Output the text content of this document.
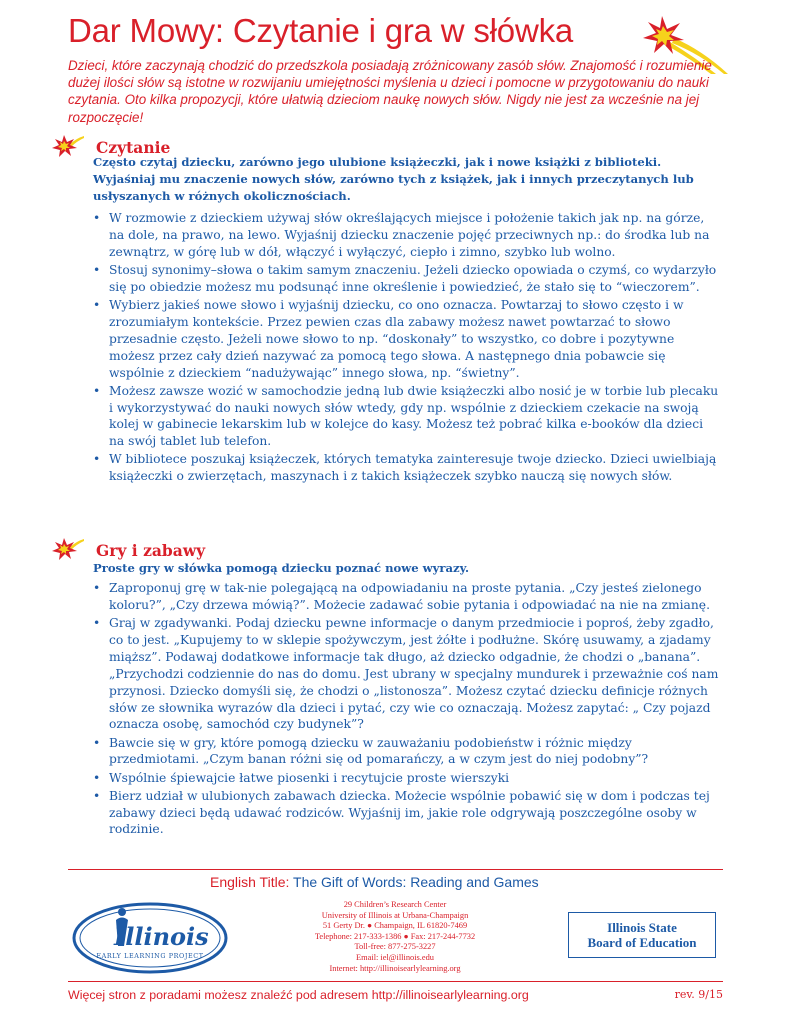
Dar Mowy: Czytanie i gra w słówka
Dzieci, które zaczynają chodzić do przedszkola posiadają zróżnicowany zasób słów. Znajomość i rozumienie dużej ilości słów są istotne w rozwijaniu umiejętności myślenia u dzieci i pomocne w przygotowaniu do nauki czytania. Oto kilka propozycji, które ułatwią dzieciom naukę nowych słów. Nigdy nie jest za wcześnie na jej rozpoczęcie!
Czytanie
Często czytaj dziecku, zarówno jego ulubione książeczki, jak i nowe książki z biblioteki. Wyjaśniaj mu znaczenie nowych słów, zarówno tych z książek, jak i innych przeczytanych lub usłyszanych w różnych okolicznościach.
• W rozmowie z dzieckiem używaj słów określających miejsce i położenie takich jak np. na górze, na dole, na prawo, na lewo. Wyjaśnij dziecku znaczenie pojęć przeciwnych np.: do środka lub na zewnątrz, w górę lub w dół, włączyć i wyłączyć, ciepło i zimno, szybko lub wolno.
• Stosuj synonimy–słowa o takim samym znaczeniu. Jeżeli dziecko opowiada o czymś, co wydarzyło się po obiedzie możesz mu podsunąć inne określenie i powiedzieć, że stało się to “wieczorem”.
• Wybierz jakieś nowe słowo i wyjaśnij dziecku, co ono oznacza. Powtarzaj to słowo często i w zrozumiałym kontekście. Przez pewien czas dla zabawy możesz nawet powtarzać to słowo przesadnie często. Jeżeli nowe słowo to np. “doskonały” to wszystko, co dobre i pozytywne możesz przez cały dzień nazywać za pomocą tego słowa. A następnego dnia pobawcie się wspólnie z dzieckiem “nadużywając” innego słowa, np. “świetny”.
• Możesz zawsze wozić w samochodzie jedną lub dwie książeczki albo nosić je w torbie lub plecaku i wykorzystywać do nauki nowych słów wtedy, gdy np. wspólnie z dzieckiem czekacie na swoją kolej w gabinecie lekarskim lub w kolejce do kasy. Możesz też pobrać kilka e-booków dla dzieci na swój tablet lub telefon.
• W bibliotece poszukaj książeczek, których tematyka zainteresuje twoje dziecko. Dzieci uwielbiają książeczki o zwierzętach, maszynach i z takich książeczek szybko nauczą się nowych słów.
Gry i zabawy
Proste gry w słówka pomogą dziecku poznać nowe wyrazy.
• Zaproponuj grę w tak-nie polegającą na odpowiadaniu na proste pytania. „Czy jesteś zielonego koloru?”, „Czy drzewa mówią?”. Możecie zadawać sobie pytania i odpowiadać na nie na zmianę.
• Graj w zgadywanki. Podaj dziecku pewne informacje o danym przedmiocie i poproś, żeby zgadło, co to jest. „Kupujemy to w sklepie spożywczym, jest żółte i podłużne. Skórę usuwamy, a zjadamy miąższ”. Podawaj dodatkowe informacje tak długo, aż dziecko odgadnie, że chodzi o „banana”. „Przychodzi codziennie do nas do domu. Jest ubrany w specjalny mundurek i przeważnie coś nam przynosi. Dziecko domyśli się, że chodzi o „listonosza”. Możesz czytać dziecku definicje różnych słów ze słownika wyrazów dla dzieci i pytać, czy wie co oznaczają. Możesz zapytać: „ Czy pojazd oznacza osobę, samochód czy budynek”?
• Bawcie się w gry, które pomogą dziecku w zauważaniu podobieństw i różnic między przedmiotami. „Czym banan różni się od pomarańczy, a w czym jest do niej podobny”?
• Wspólnie śpiewajcie łatwe piosenki i recytujcie proste wierszyki
• Bierz udział w ulubionych zabawach dziecka. Możecie wspólnie pobawić się w dom i podczas tej zabawy dzieci będą udawać rodziców. Wyjaśnij im, jakie role odgrywają poszczególne osoby w rodzinie.
English Title: The Gift of Words: Reading and Games
Illinois
EARLY LEARNING PROJECT
29 Children’s Research Center
University of Illinois at Urbana-Champaign
51 Gerty Dr. ● Champaign, IL 61820-7469
Telephone: 217-333-1386 ● Fax: 217-244-7732
Toll-free: 877-275-3227
Email: iel@illinois.edu
Internet: http://illinoisearlylearning.org
Illinois State
Board of Education
Więcej stron z poradami możesz znaleźć pod adresem http://illinoisearlylearning.org	rev. 9/15
